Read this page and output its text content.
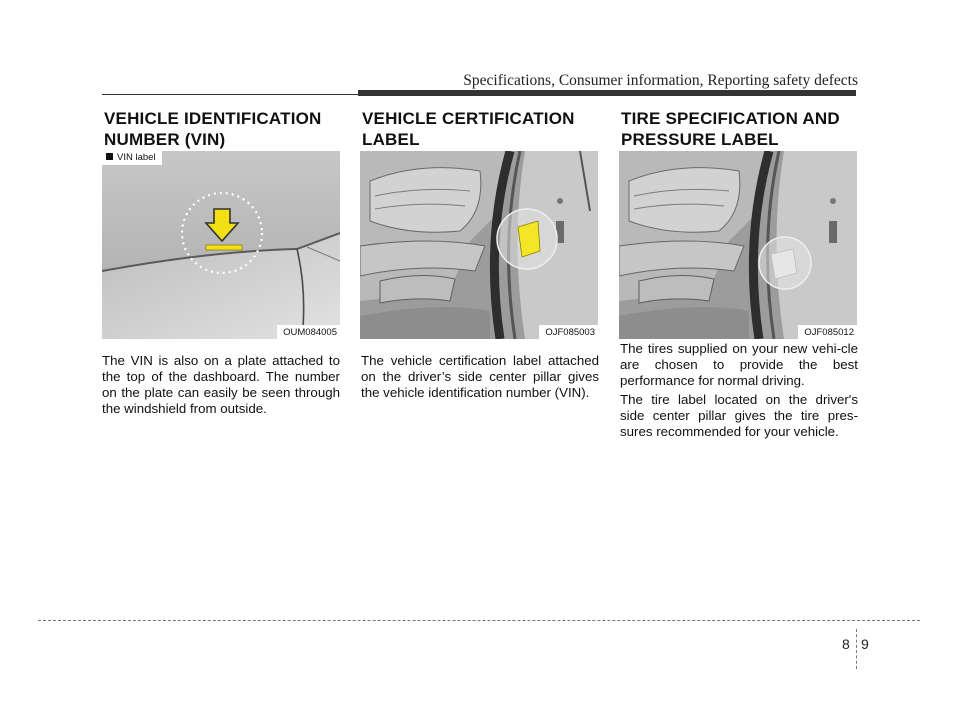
Specifications, Consumer information, Reporting safety defects
VEHICLE IDENTIFICATION
NUMBER (VIN)
VIN label
OUM084005

The VIN is also on a plate attached to the top of the dashboard. The number on the plate can easily be seen through the windshield from outside.

VEHICLE CERTIFICATION
LABEL
OJF085003

The vehicle certification label attached on the driver’s side center pillar gives the vehicle identification number (VIN).

TIRE SPECIFICATION AND
PRESSURE LABEL
OJF085012

The tires supplied on your new vehi-cle are chosen to provide the best performance for normal driving.

The tire label located on the driver's side center pillar gives the tire pres-sures recommended for your vehicle.

8 9
